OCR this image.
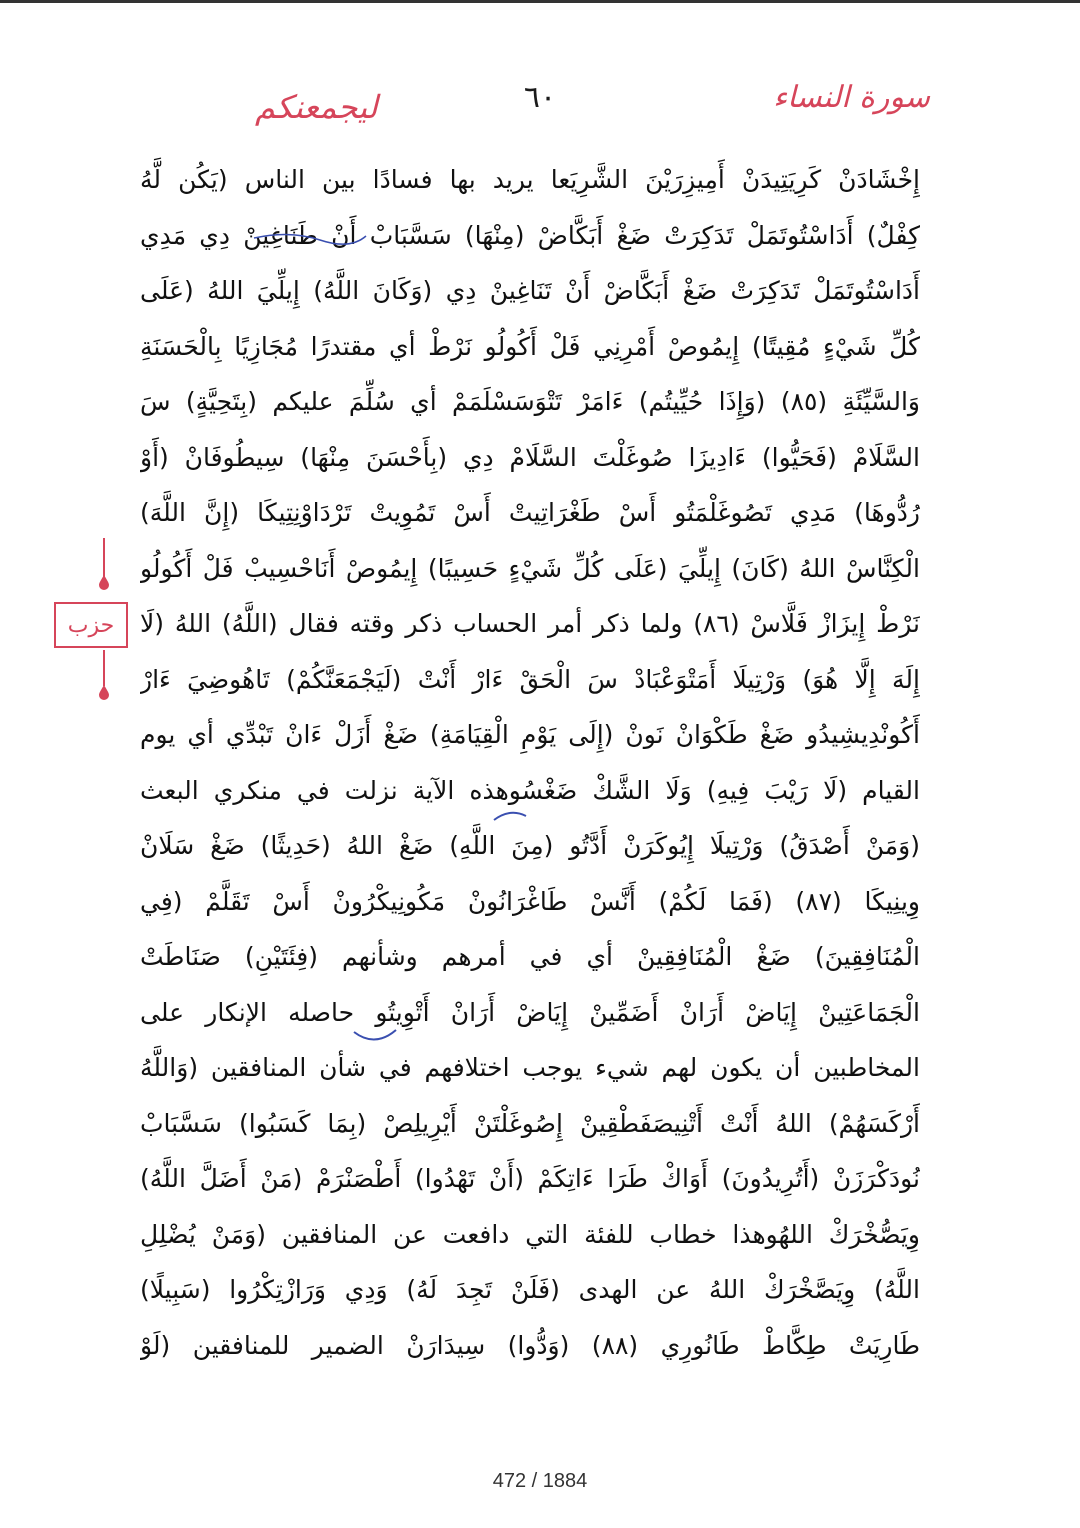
سورة النساء
٦٠
ليجمعنكم
إِخْشَادَنْ كَرِيَتِيدَنْ أَمِيزِرَيْنَ الشَّرِيَعا يريد بها فسادًا بين الناس (يَكُن لَّهُ
كِفْلٌ) أَدَاسْتُوتَمَلْ تَدَكِرَتْ ضَغْ أَبَكَّاضْ (مِنْهَا) سَسَّبَابْ أَنْ طَنَاغِينْ دِي مَدِي
أَدَاسْتُوتَمَلْ تَدَكِرَتْ ضَغْ أَبَكَّاضْ أَنْ تَنَاغِينْ دِي (وَكَانَ اللَّهُ) إِيلِّيَ اللهُ (عَلَى
كُلِّ شَيْءٍ مُقِيتًا) إِيمُوصْ أَمْرِنِي فَلْ أَكُولُو نَرْطْ أي مقتدرًا مُجَازِيًا بِالْحَسَنَةِ
وَالسَّيِّئَةِ (٨٥) (وَإِذَا حُيِّيتُم) ءَامَرْ تَتْوَسَسْلَمَمْ أي سُلِّمَ عليكم (بِتَحِيَّةٍ) سَ
السَّلَامْ (فَحَيُّوا) ءَادِيزَا صُوغَلْتَ السَّلَامْ دِي (بِأَحْسَنَ مِنْهَا) سِيطُوفَانْ (أَوْ
رُدُّوهَا) مَدِي تَصُوغَلْمَتُو أَسْ طَغْرَاتِيتْ أَسْ تَمُوِيتْ تَرْدَاوْنِتِيكَا (إِنَّ اللَّهَ)
الْكِنَّاسْ اللهُ (كَانَ) إِيلِّيَ (عَلَى كُلِّ شَيْءٍ حَسِيبًا) إِيمُوصْ أَنَاحْسِيبْ فَلْ أَكُولُو
نَرْطْ إِيزَازْ فَلَّاسْ (٨٦) ولما ذكر أمر الحساب ذكر وقته فقال (اللَّهُ) اللهُ (لَا
إِلَهَ إِلَّا هُوَ) وَرْتِيلَا أَمَتْوَعْبَادْ سَ الْحَقْ ءَارْ أَنْتْ (لَيَجْمَعَنَّكُمْ) تَاهُوضِيَ ءَارْ
أَكُونْدِيشِيدُو ضَغْ طَكْوَانْ نَونْ (إِلَى يَوْمِ الْقِيَامَةِ) ضَغْ أَزَلْ ءَانْ تَبْدِّي أي يوم
القيام (لَا رَيْبَ فِيهِ) وَلَا الشَّكْ ضَغْسُوهذه الآية نزلت في منكري البعث
(وَمَنْ أَصْدَقُ) وَرْتِيلَا إِيُوكَرَنْ أَدَّتُو (مِنَ اللَّهِ) ضَغْ اللهُ (حَدِيثًا) ضَغْ سَلَانْ
وِينِيكَا (٨٧) (فَمَا لَكُمْ) أَنَّسْ طَاغْرَانُونْ مَكُونِيكْرُونْ أَسْ تَقَلَّمْ (فِي
الْمُنَافِقِينَ) ضَغْ الْمُنَافِقِينْ أي في أمرهم وشأنهم (فِئَتَيْنِ) صَنَاطَتْ
الْجَمَاعَتِينْ إِيَاضْ أَرَانْ أَضَمِّينْ إِيَاضْ أَرَانْ أَتْوِيتُو حاصله الإنكار على
المخاطبين أن يكون لهم شيء يوجب اختلافهم في شأن المنافقين (وَاللَّهُ
أَرْكَسَهُمْ) اللهُ أَنْتْ أَتْنِيصَفَطْقِينْ إِصُوغَلْتَنْ أَيْرِيلِصْ (بِمَا كَسَبُوا) سَسَّبَابْ
نُودَكْرَزَنْ (أَتُرِيدُونَ) أَوَاكْ طَرَا ءَاتِكَمْ (أَنْ تَهْدُوا) أَطْصَنْرَمْ (مَنْ أَضَلَّ اللَّهُ)
وِيَصُّخْرَكْ اللهُوهذا خطاب للفئة التي دافعت عن المنافقين (وَمَنْ يُضْلِلِ
اللَّهُ) وِيَصَّخْرَكْ اللهُ عن الهدى (فَلَنْ تَجِدَ لَهُ) وَدِي وَرَازْتِكْرُوا (سَبِيلًا)
طَارِيَتْ طِكَّاطْ طَانُورِي (٨٨) (وَدُّوا) سِيدَارَنْ الضمير للمنافقين (لَوْ
حزب
472 / 1884
